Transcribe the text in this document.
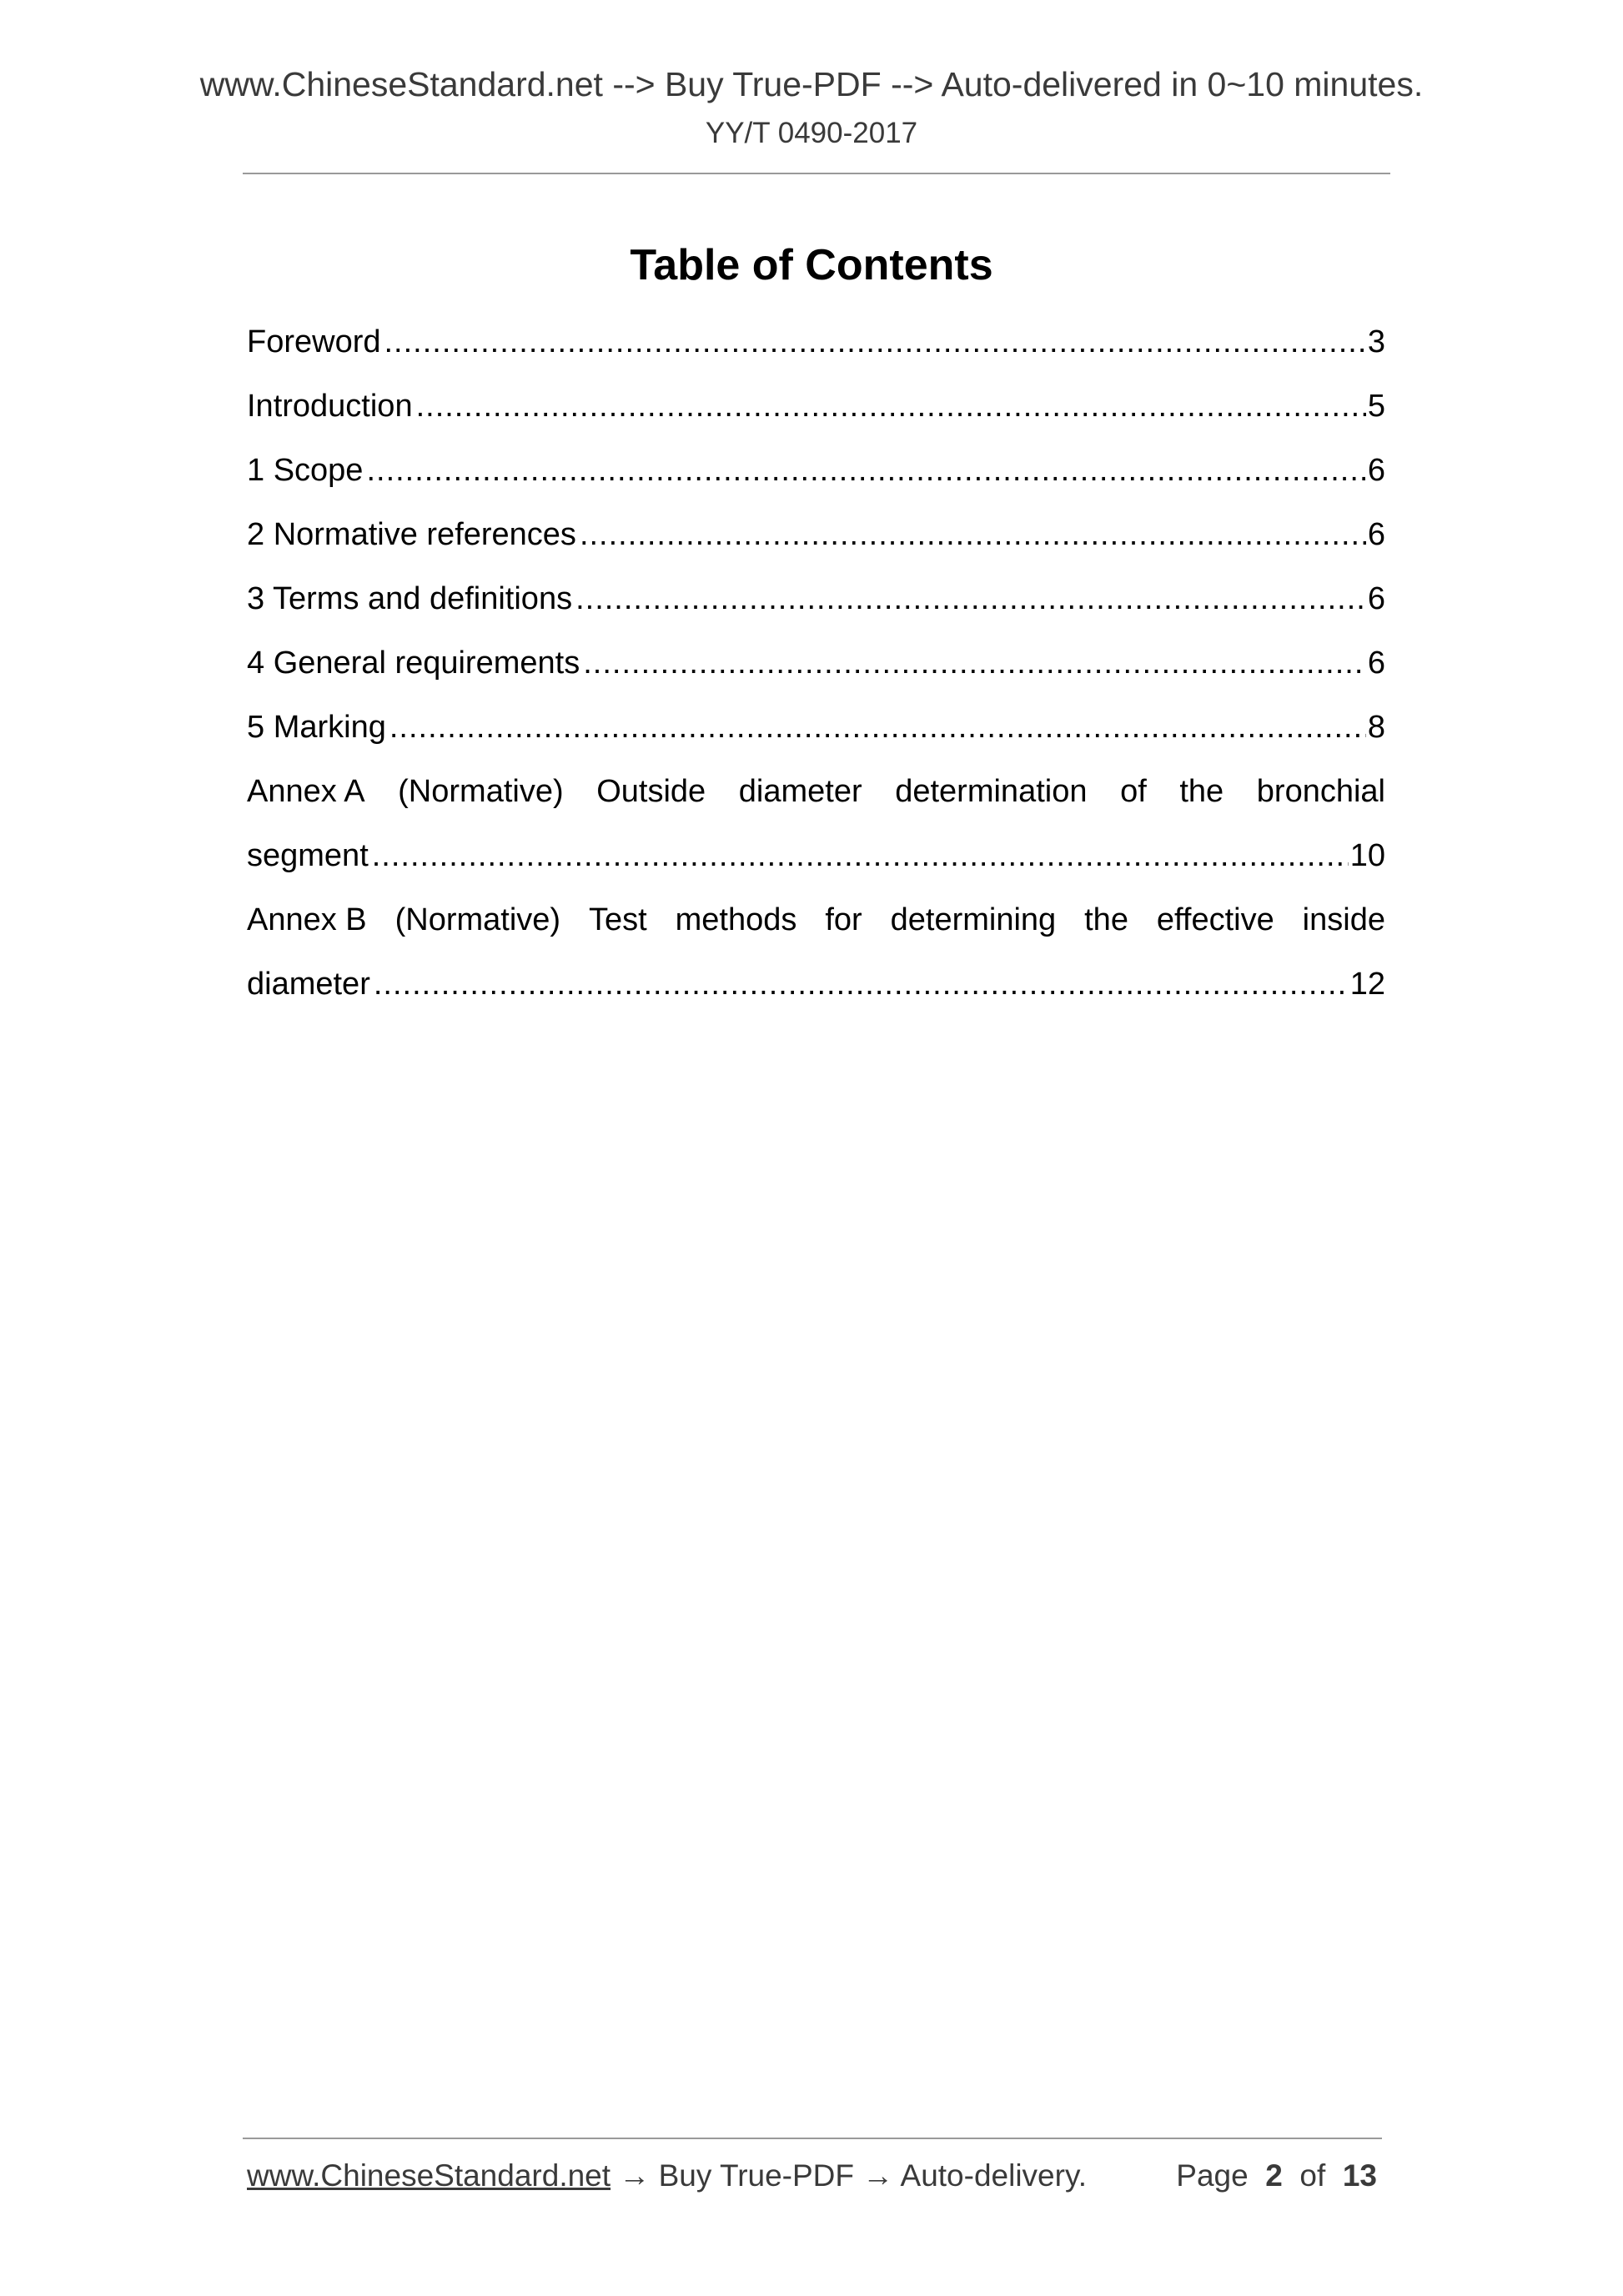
www.ChineseStandard.net --> Buy True-PDF --> Auto-delivered in 0~10 minutes.
YY/T 0490-2017
Table of Contents
Foreword .....	3
Introduction .....	5
1 Scope .....	6
2 Normative references .....	6
3 Terms and definitions .....	6
4 General requirements .....	6
5 Marking .....	8
Annex A (Normative) Outside diameter determination of the bronchial
segment .....	10
Annex B (Normative) Test methods for determining the effective inside
diameter .....	12
www.ChineseStandard.net → Buy True-PDF → Auto-delivery.	Page 2 of 13
